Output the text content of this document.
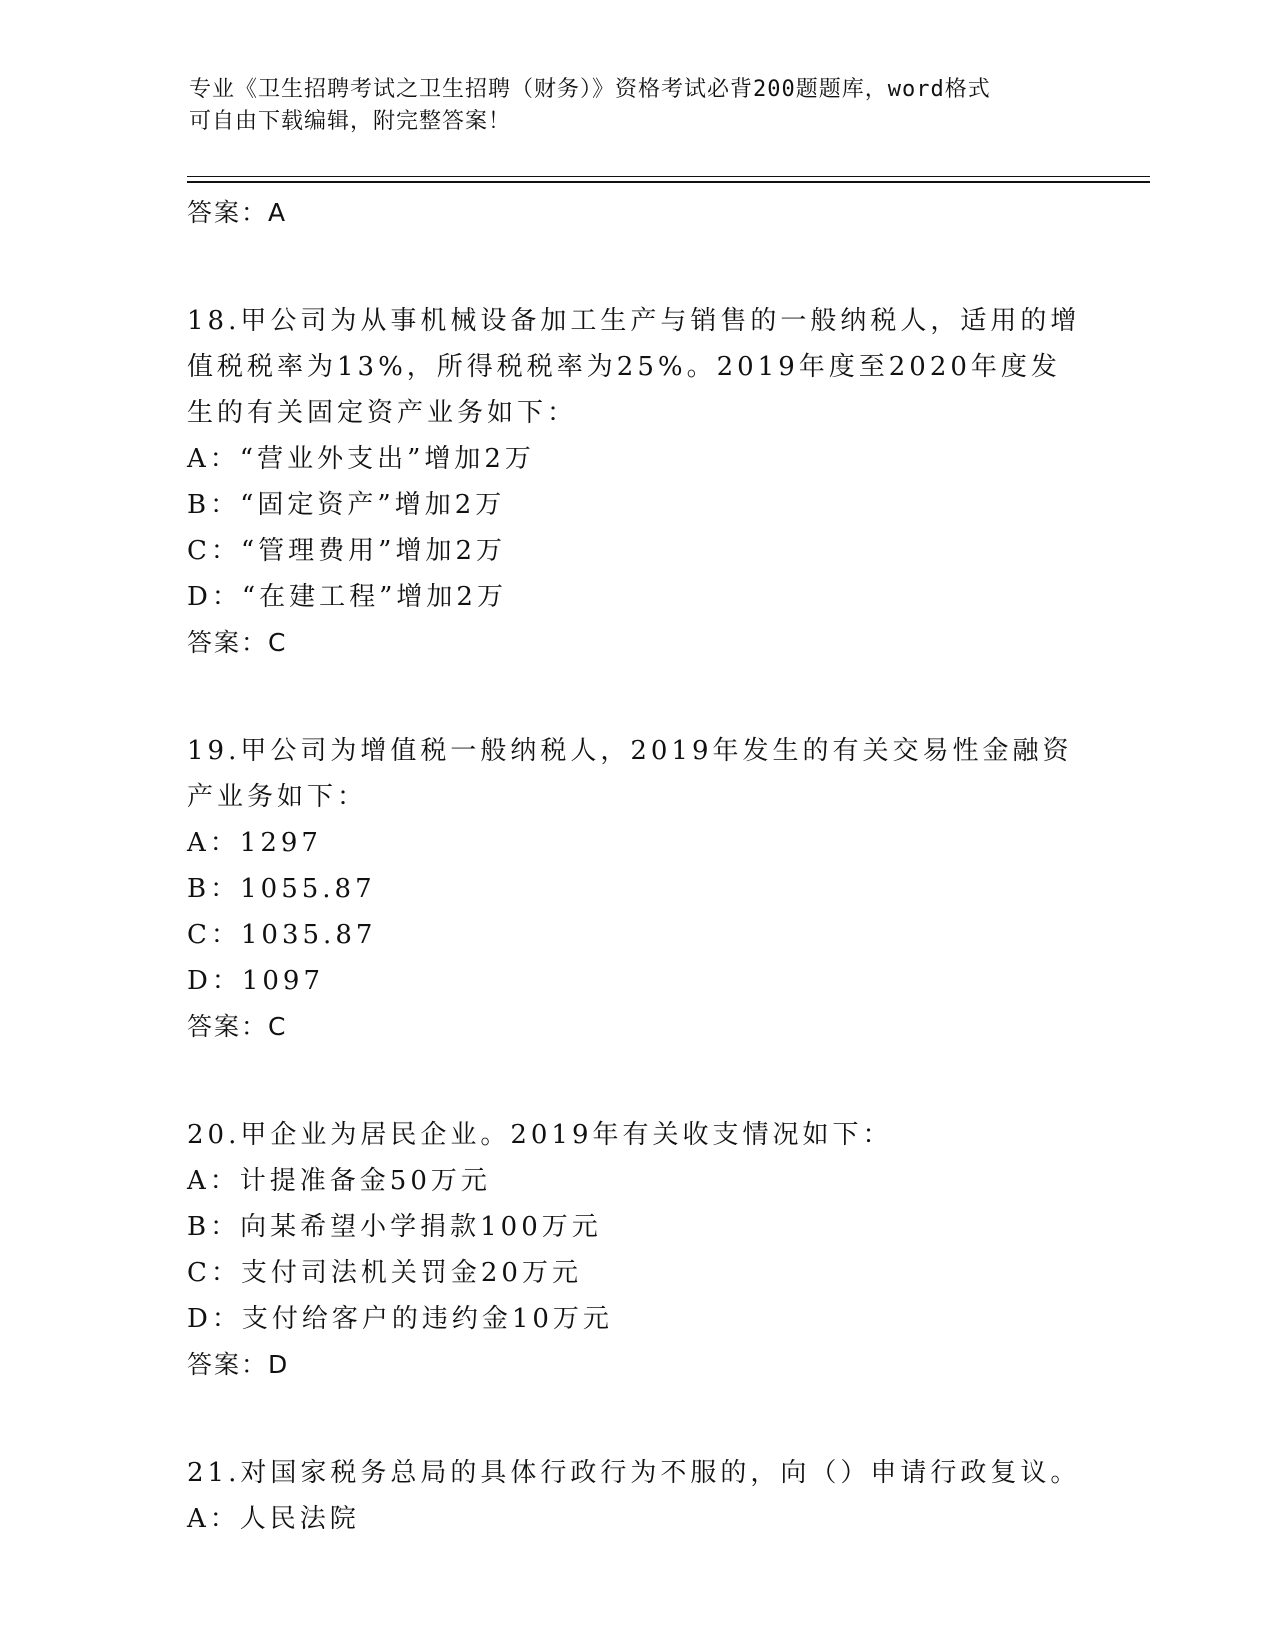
专业《卫生招聘考试之卫生招聘（财务）》资格考试必背200题题库，word格式
可自由下载编辑，附完整答案！
答案：A
18.甲公司为从事机械设备加工生产与销售的一般纳税人，适用的增值税税率为13%，所得税税率为25%。2019年度至2020年度发生的有关固定资产业务如下：
A：“营业外支出”增加2万
B：“固定资产”增加2万
C：“管理费用”增加2万
D：“在建工程”增加2万
答案：C
19.甲公司为增值税一般纳税人，2019年发生的有关交易性金融资产业务如下：
A：1297
B：1055.87
C：1035.87
D：1097
答案：C
20.甲企业为居民企业。2019年有关收支情况如下：
A：计提准备金50万元
B：向某希望小学捐款100万元
C：支付司法机关罚金20万元
D：支付给客户的违约金10万元
答案：D
21.对国家税务总局的具体行政行为不服的，向（）申请行政复议。
A：人民法院
